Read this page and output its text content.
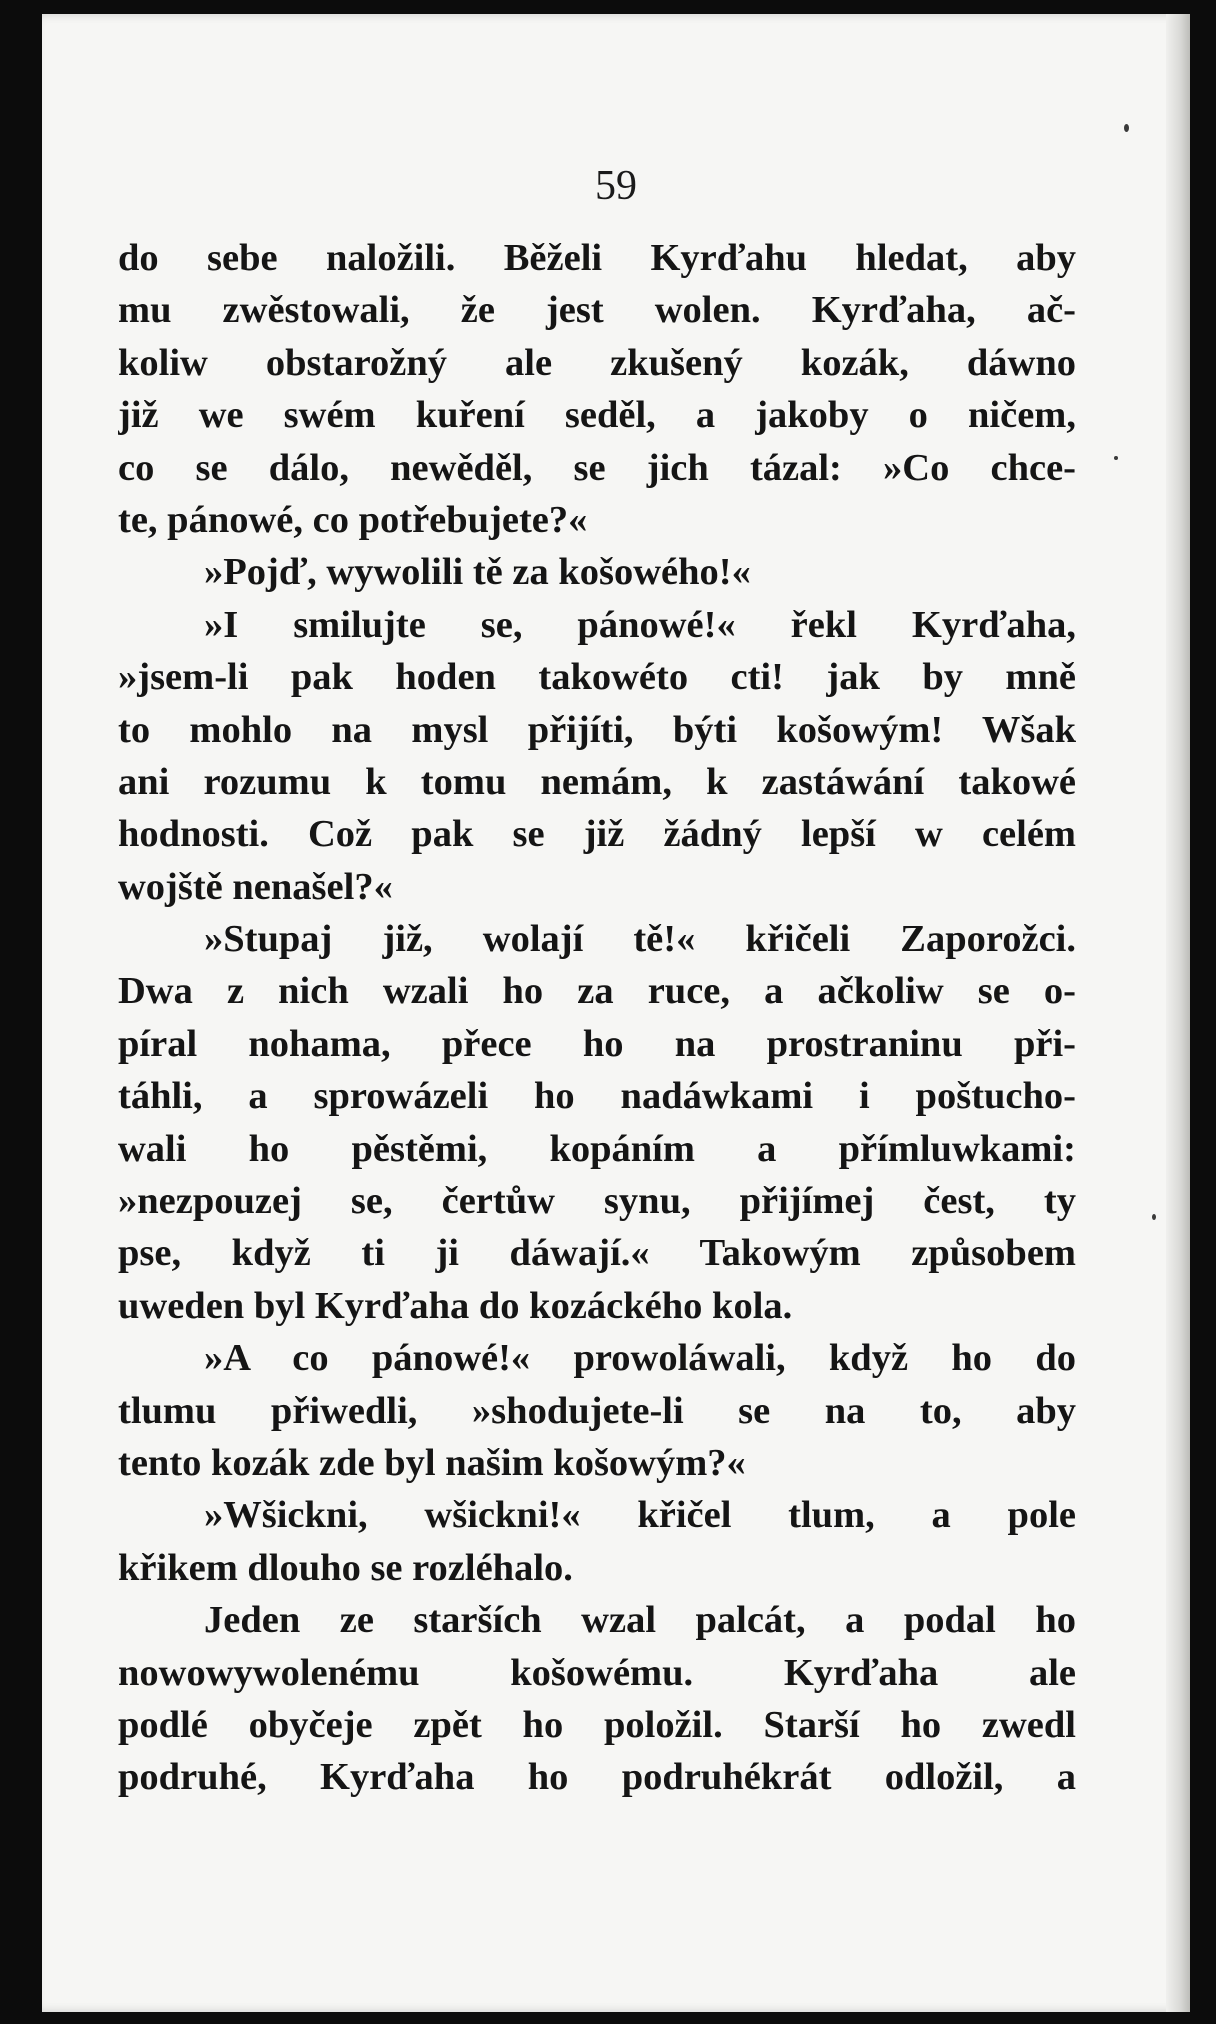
59
do sebe naložili. Běželi Kyrďahu hledat, aby
mu zwěstowali, že jest wolen. Kyrďaha, ač-
koliw obstarožný ale zkušený kozák, dáwno
již we swém kuření seděl, a jakoby o ničem,
co se dálo, newěděl, se jich tázal: »Co chce-
te, pánowé, co potřebujete?«
»Pojď, wywolili tě za košowého!«
»I smilujte se, pánowé!« řekl Kyrďaha,
»jsem-li pak hoden takowéto cti! jak by mně
to mohlo na mysl přijíti, býti košowým! Wšak
ani rozumu k tomu nemám, k zastáwání takowé
hodnosti. Což pak se již žádný lepší w celém
wojště nenašel?«
»Stupaj již, wolají tě!« křičeli Zaporožci.
Dwa z nich wzali ho za ruce, a ačkoliw se o-
píral nohama, přece ho na prostraninu při-
táhli, a sprowázeli ho nadáwkami i poštucho-
wali ho pěstěmi, kopáním a přímluwkami:
»nezpouzej se, čertůw synu, přijímej čest, ty
pse, když ti ji dáwají.« Takowým způsobem
uweden byl Kyrďaha do kozáckého kola.
»A co pánowé!« prowoláwali, když ho do
tlumu přiwedli, »shodujete-li se na to, aby
tento kozák zde byl našim košowým?«
»Wšickni, wšickni!« křičel tlum, a pole
křikem dlouho se rozléhalo.
Jeden ze starších wzal palcát, a podal ho
nowowywolenému košowému. Kyrďaha ale
podlé obyčeje zpět ho položil. Starší ho zwedl
podruhé, Kyrďaha ho podruhékrát odložil, a
